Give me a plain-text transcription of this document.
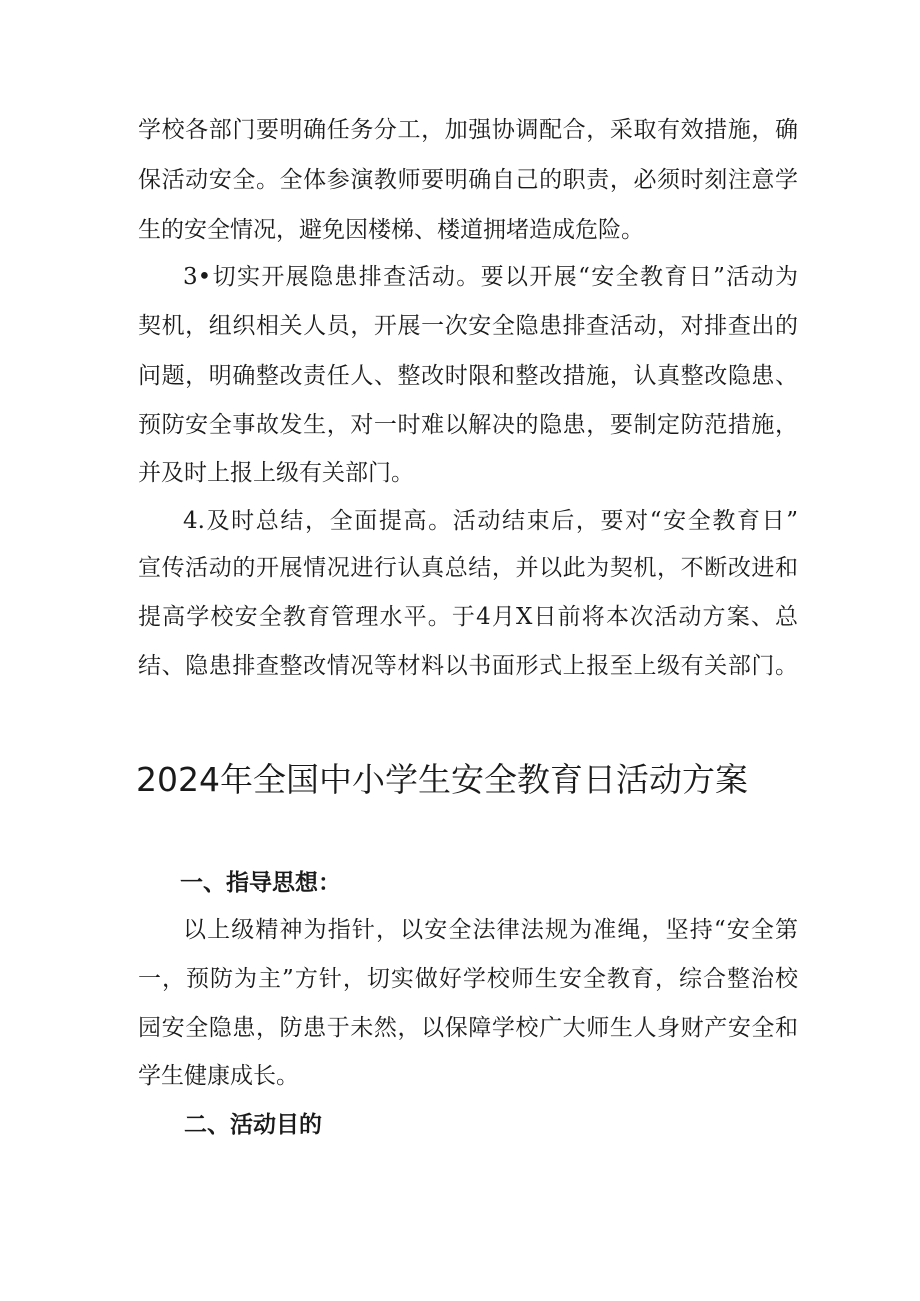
学校各部门要明确任务分工，加强协调配合，采取有效措施，确

保活动安全。全体参演教师要明确自己的职责，必须时刻注意学

生的安全情况，避免因楼梯、楼道拥堵造成危险。

3•切实开展隐患排查活动。要以开展“安全教育日”活动为

契机，组织相关人员，开展一次安全隐患排查活动，对排查出的

问题，明确整改责任人、整改时限和整改措施，认真整改隐患、

预防安全事故发生，对一时难以解决的隐患，要制定防范措施，

并及时上报上级有关部门。

4.及时总结，全面提高。活动结束后，要对“安全教育日”

宣传活动的开展情况进行认真总结，并以此为契机，不断改进和

提高学校安全教育管理水平。于4月X日前将本次活动方案、总

结、隐患排查整改情况等材料以书面形式上报至上级有关部门。

2024年全国中小学生安全教育日活动方案
一、指导思想：

以上级精神为指针，以安全法律法规为准绳，坚持“安全第

一，预防为主”方针，切实做好学校师生安全教育，综合整治校

园安全隐患，防患于未然，以保障学校广大师生人身财产安全和

学生健康成长。

二、活动目的
